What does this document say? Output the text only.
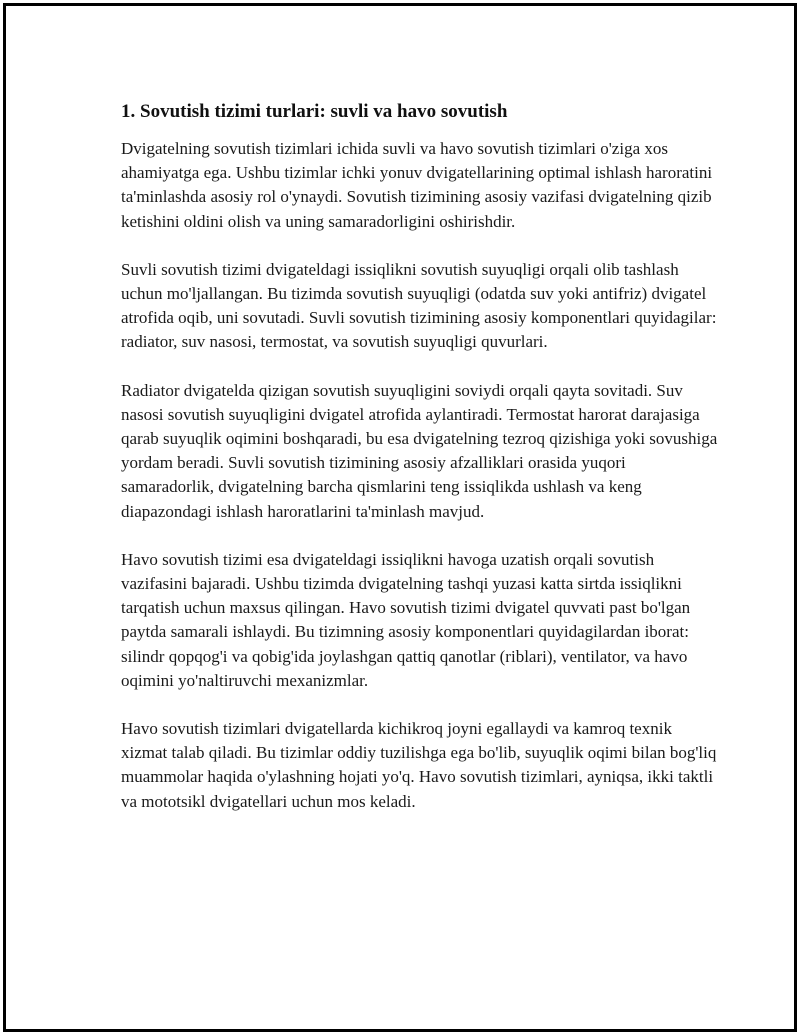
1. Sovutish tizimi turlari: suvli va havo sovutish

Dvigatelning sovutish tizimlari ichida suvli va havo sovutish tizimlari o'ziga xos ahamiyatga ega. Ushbu tizimlar ichki yonuv dvigatellarining optimal ishlash haroratini ta'minlashda asosiy rol o'ynaydi. Sovutish tizimining asosiy vazifasi dvigatelning qizib ketishini oldini olish va uning samaradorligini oshirishdir.

Suvli sovutish tizimi dvigateldagi issiqlikni sovutish suyuqligi orqali olib tashlash uchun mo'ljallangan. Bu tizimda sovutish suyuqligi (odatda suv yoki antifriz) dvigatel atrofida oqib, uni sovutadi. Suvli sovutish tizimining asosiy komponentlari quyidagilar: radiator, suv nasosi, termostat, va sovutish suyuqligi quvurlari.

Radiator dvigatelda qizigan sovutish suyuqligini soviydi orqali qayta sovitadi. Suv nasosi sovutish suyuqligini dvigatel atrofida aylantiradi. Termostat harorat darajasiga qarab suyuqlik oqimini boshqaradi, bu esa dvigatelning tezroq qizishiga yoki sovushiga yordam beradi. Suvli sovutish tizimining asosiy afzalliklari orasida yuqori samaradorlik, dvigatelning barcha qismlarini teng issiqlikda ushlash va keng diapazondagi ishlash haroratlarini ta'minlash mavjud.

Havo sovutish tizimi esa dvigateldagi issiqlikni havoga uzatish orqali sovutish vazifasini bajaradi. Ushbu tizimda dvigatelning tashqi yuzasi katta sirtda issiqlikni tarqatish uchun maxsus qilingan. Havo sovutish tizimi dvigatel quvvati past bo'lgan paytda samarali ishlaydi. Bu tizimning asosiy komponentlari quyidagilardan iborat: silindr qopqog'i va qobig'ida joylashgan qattiq qanotlar (riblari), ventilator, va havo oqimini yo'naltiruvchi mexanizmlar.

Havo sovutish tizimlari dvigatellarda kichikroq joyni egallaydi va kamroq texnik xizmat talab qiladi. Bu tizimlar oddiy tuzilishga ega bo'lib, suyuqlik oqimi bilan bog'liq muammolar haqida o'ylashning hojati yo'q. Havo sovutish tizimlari, ayniqsa, ikki taktli va mototsikl dvigatellari uchun mos keladi.
